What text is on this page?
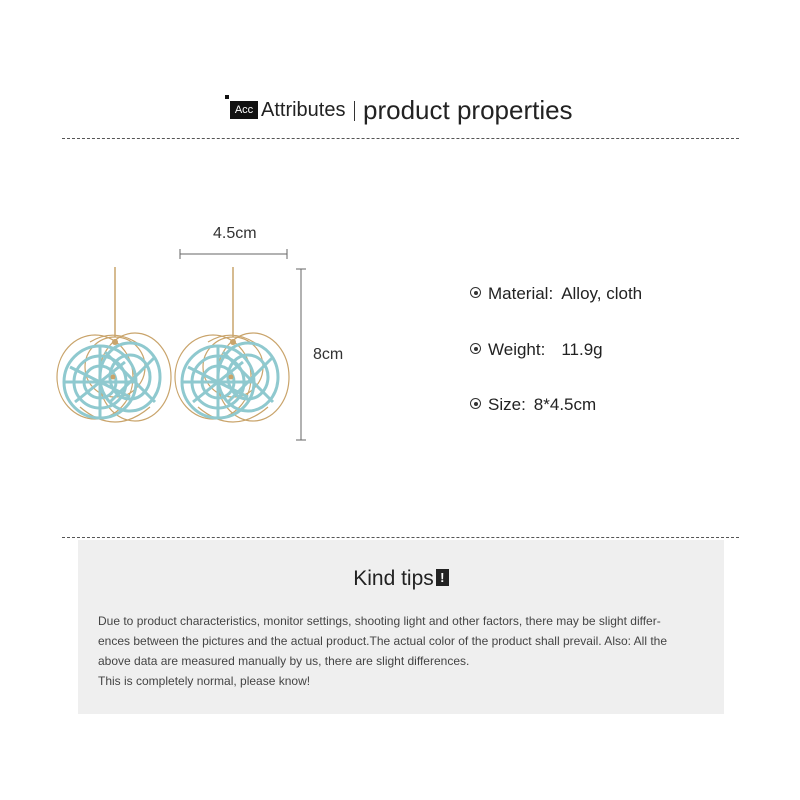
Acc Attributes product properties
4.5cm
8cm
Material: Alloy, cloth
Weight: 11.9g
Size: 8*4.5cm
Kind tips !
Due to product characteristics, monitor settings, shooting light and other factors, there may be slight differ-
ences between the pictures and the actual product.The actual color of the product shall prevail. Also: All the
above data are measured manually by us, there are slight differences.
This is completely normal, please know!
